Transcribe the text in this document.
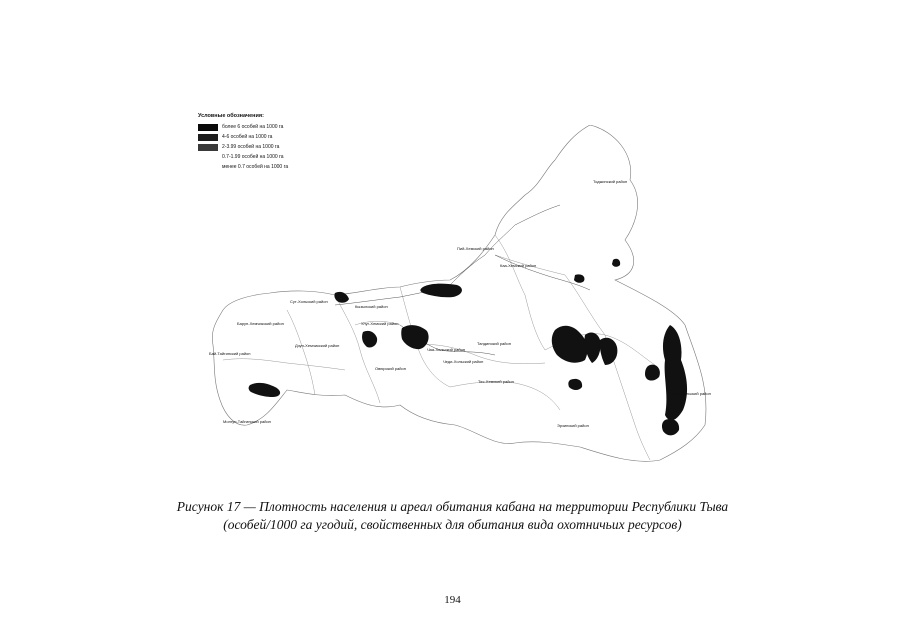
Условные обозначения:
более 6 особей на 1000 га
4-6 особей на 1000 га
2-3.99 особей на 1000 га
0.7-1.99 особей на 1000 га
менее 0.7 особей на 1000 га
Тоджинский район
Пий-Хемский район
Каа-Хемский район
Улуг-Хемский район
Чаа-Хольский район
Тандинский район
Эрзинский район
Тере-Хольский район
Тес-Хемский район
Бай-Тайгинский район
Барун-Хемчикский район
Монгун-Тайгинский район
Дзун-Хемчикский район
Сут-Хольский район
Овюрский район
Чеди-Хольский район
Кызылский район
Рисунок 17 — Плотность населения и ареал обитания кабана на территории Республики Тыва
(особей/1000 га угодий, свойственных для обитания вида охотничьих ресурсов)
194
